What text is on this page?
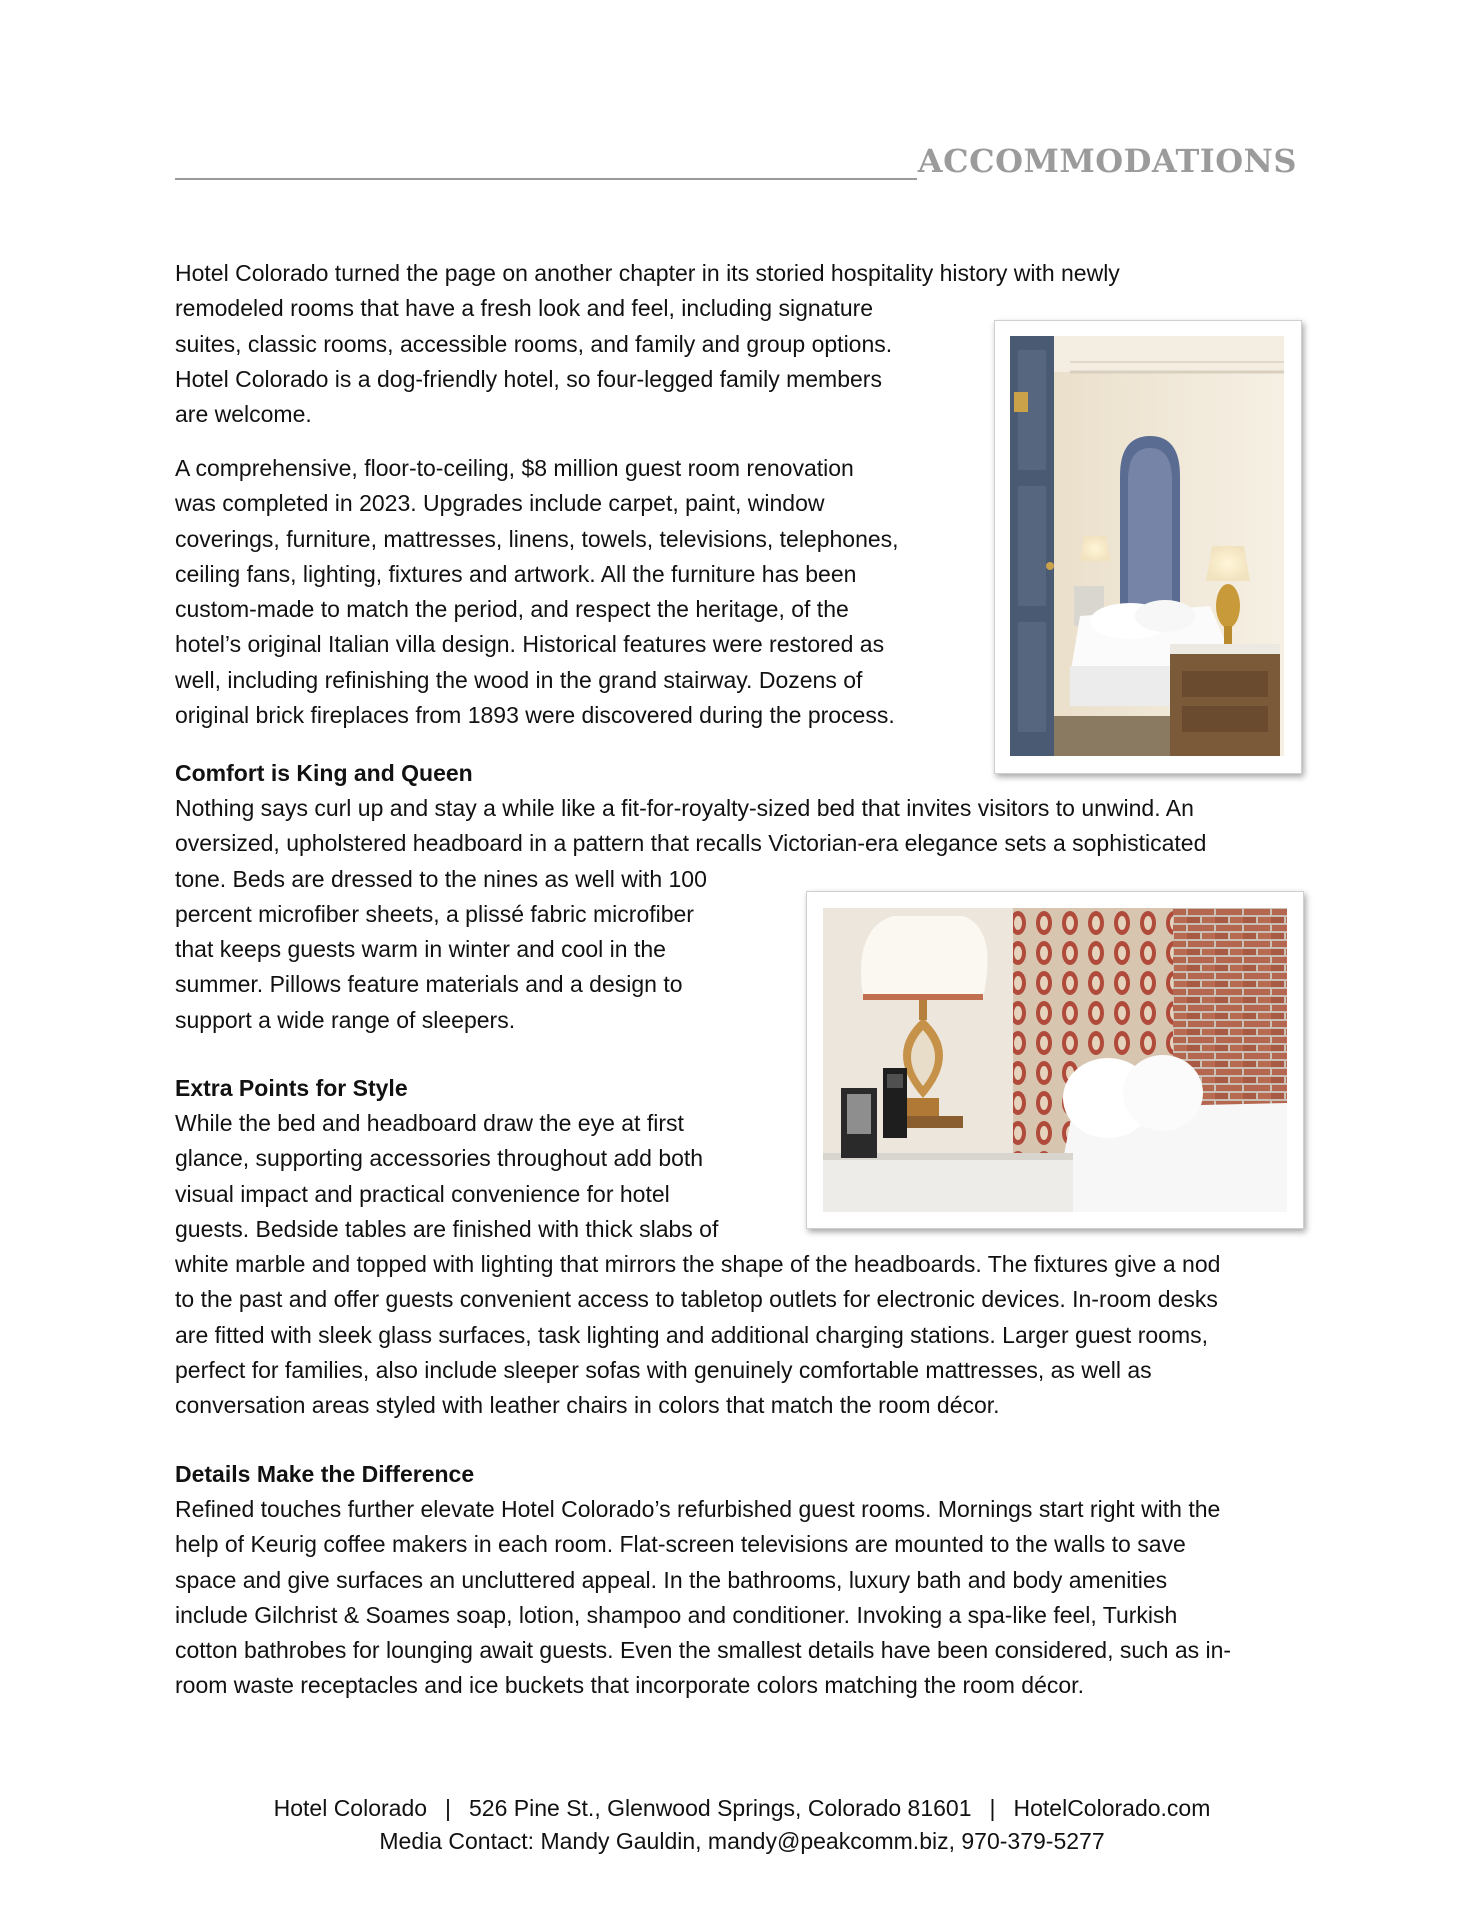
ACCOMMODATIONS

Hotel Colorado turned the page on another chapter in its storied hospitality history with newly
remodeled rooms that have a fresh look and feel, including signature
suites, classic rooms, accessible rooms, and family and group options.
Hotel Colorado is a dog-friendly hotel, so four-legged family members
are welcome.

A comprehensive, floor-to-ceiling, $8 million guest room renovation
was completed in 2023. Upgrades include carpet, paint, window
coverings, furniture, mattresses, linens, towels, televisions, telephones,
ceiling fans, lighting, fixtures and artwork. All the furniture has been
custom-made to match the period, and respect the heritage, of the
hotel’s original Italian villa design. Historical features were restored as
well, including refinishing the wood in the grand stairway. Dozens of
original brick fireplaces from 1893 were discovered during the process.

Comfort is King and Queen

Nothing says curl up and stay a while like a fit-for-royalty-sized bed that invites visitors to unwind. An
oversized, upholstered headboard in a pattern that recalls Victorian-era elegance sets a sophisticated
tone. Beds are dressed to the nines as well with 100
percent microfiber sheets, a plissé fabric microfiber
that keeps guests warm in winter and cool in the
summer. Pillows feature materials and a design to
support a wide range of sleepers.

Extra Points for Style

While the bed and headboard draw the eye at first
glance, supporting accessories throughout add both
visual impact and practical convenience for hotel
guests. Bedside tables are finished with thick slabs of
white marble and topped with lighting that mirrors the shape of the headboards. The fixtures give a nod
to the past and offer guests convenient access to tabletop outlets for electronic devices. In-room desks
are fitted with sleek glass surfaces, task lighting and additional charging stations. Larger guest rooms,
perfect for families, also include sleeper sofas with genuinely comfortable mattresses, as well as
conversation areas styled with leather chairs in colors that match the room décor.

Details Make the Difference

Refined touches further elevate Hotel Colorado’s refurbished guest rooms. Mornings start right with the
help of Keurig coffee makers in each room. Flat-screen televisions are mounted to the walls to save
space and give surfaces an uncluttered appeal. In the bathrooms, luxury bath and body amenities
include Gilchrist & Soames soap, lotion, shampoo and conditioner. Invoking a spa-like feel, Turkish
cotton bathrobes for lounging await guests. Even the smallest details have been considered, such as in-
room waste receptacles and ice buckets that incorporate colors matching the room décor.

Hotel Colorado | 526 Pine St., Glenwood Springs, Colorado 81601 | HotelColorado.com

Media Contact: Mandy Gauldin, mandy@peakcomm.biz, 970-379-5277
